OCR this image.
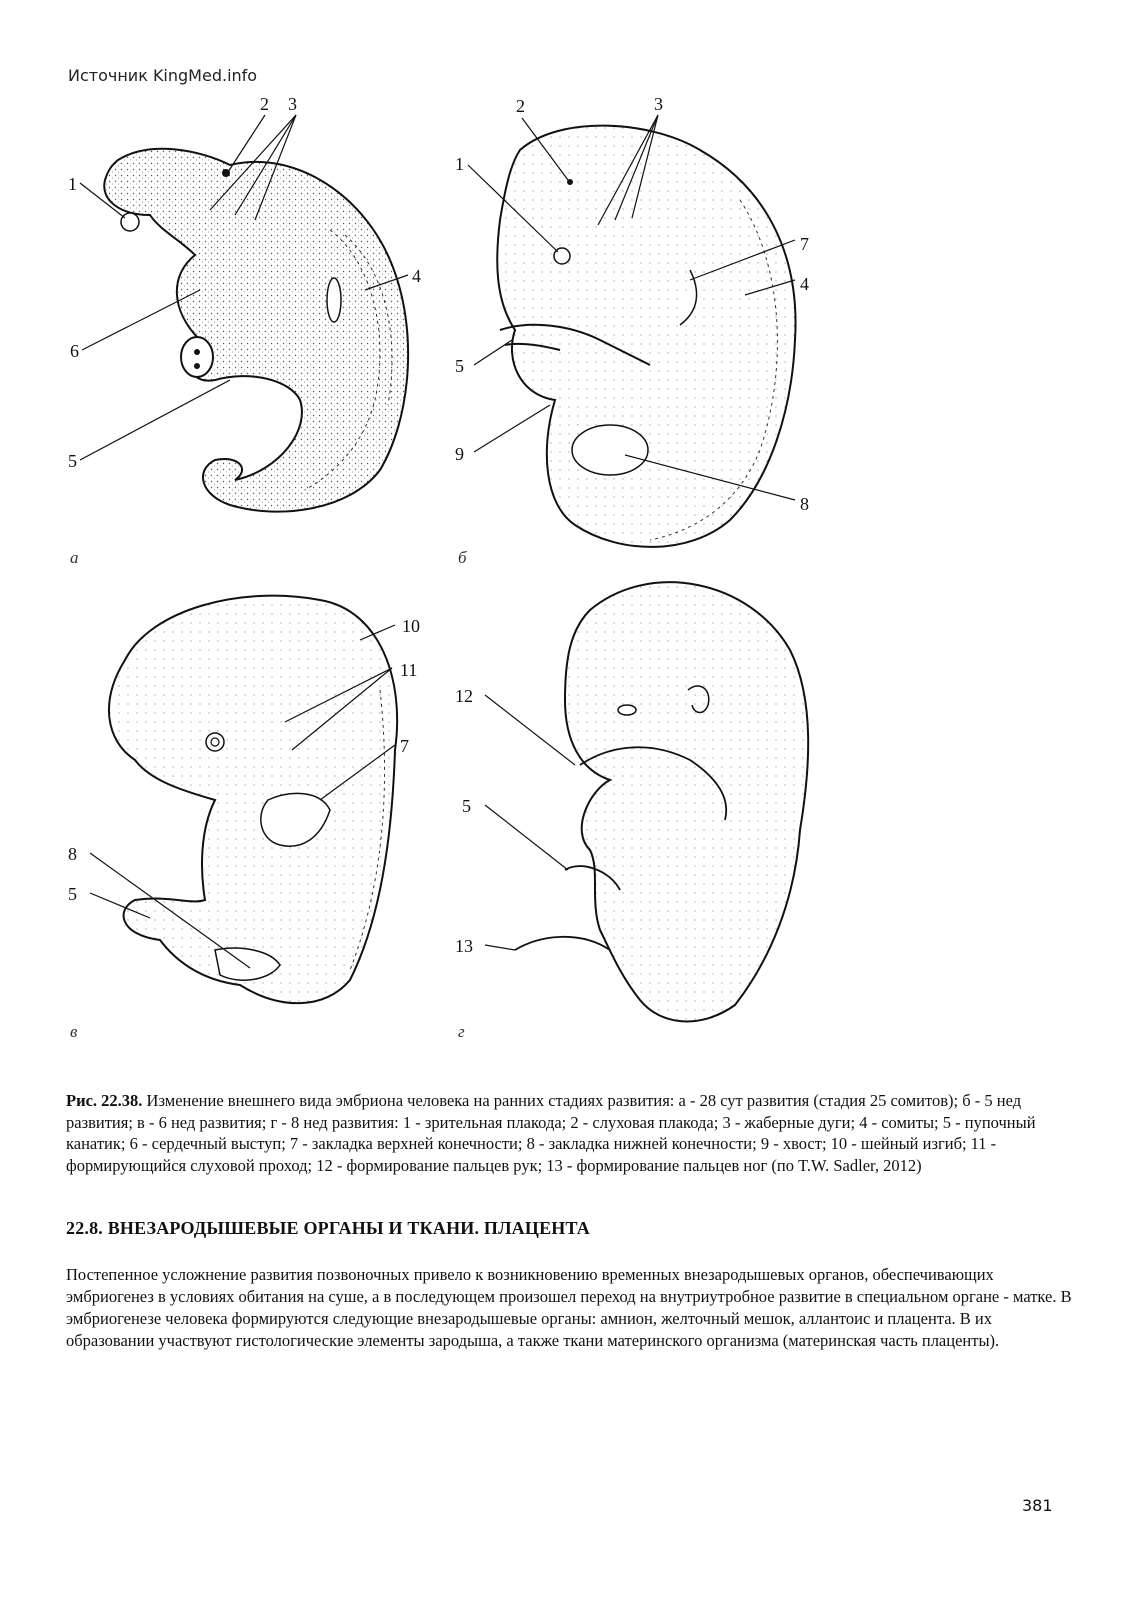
Источник KingMed.info
1
2 3
4
6
5
1
2	3
4
7
5
9
8
10
11
7
8
5
12
5
13
а	б
в	г
Рис. 22.38. Изменение внешнего вида эмбриона человека на ранних стадиях развития: а - 28 сут развития (стадия 25 сомитов); б - 5 нед развития; в - 6 нед развития; г - 8 нед развития: 1 - зрительная плакода; 2 - слуховая плакода; 3 - жаберные дуги; 4 - сомиты; 5 - пупочный канатик; 6 - сердечный выступ; 7 - закладка верхней конечности; 8 - закладка нижней конечности; 9 - хвост; 10 - шейный изгиб; 11 - формирующийся слуховой проход; 12 - формирование пальцев рук; 13 - формирование пальцев ног (по T.W. Sadler, 2012)
22.8. ВНЕЗАРОДЫШЕВЫЕ ОРГАНЫ И ТКАНИ. ПЛАЦЕНТА
Постепенное усложнение развития позвоночных привело к возникновению временных внезародышевых органов, обеспечивающих эмбриогенез в условиях обитания на суше, а в последующем произошел переход на внутриутробное развитие в специальном органе - матке. В эмбриогенезе человека формируются следующие внезародышевые органы: амнион, желточный мешок, аллантоис и плацента. В их образовании участвуют гистологические элементы зародыша, а также ткани материнского организма (материнская часть плаценты).
381
